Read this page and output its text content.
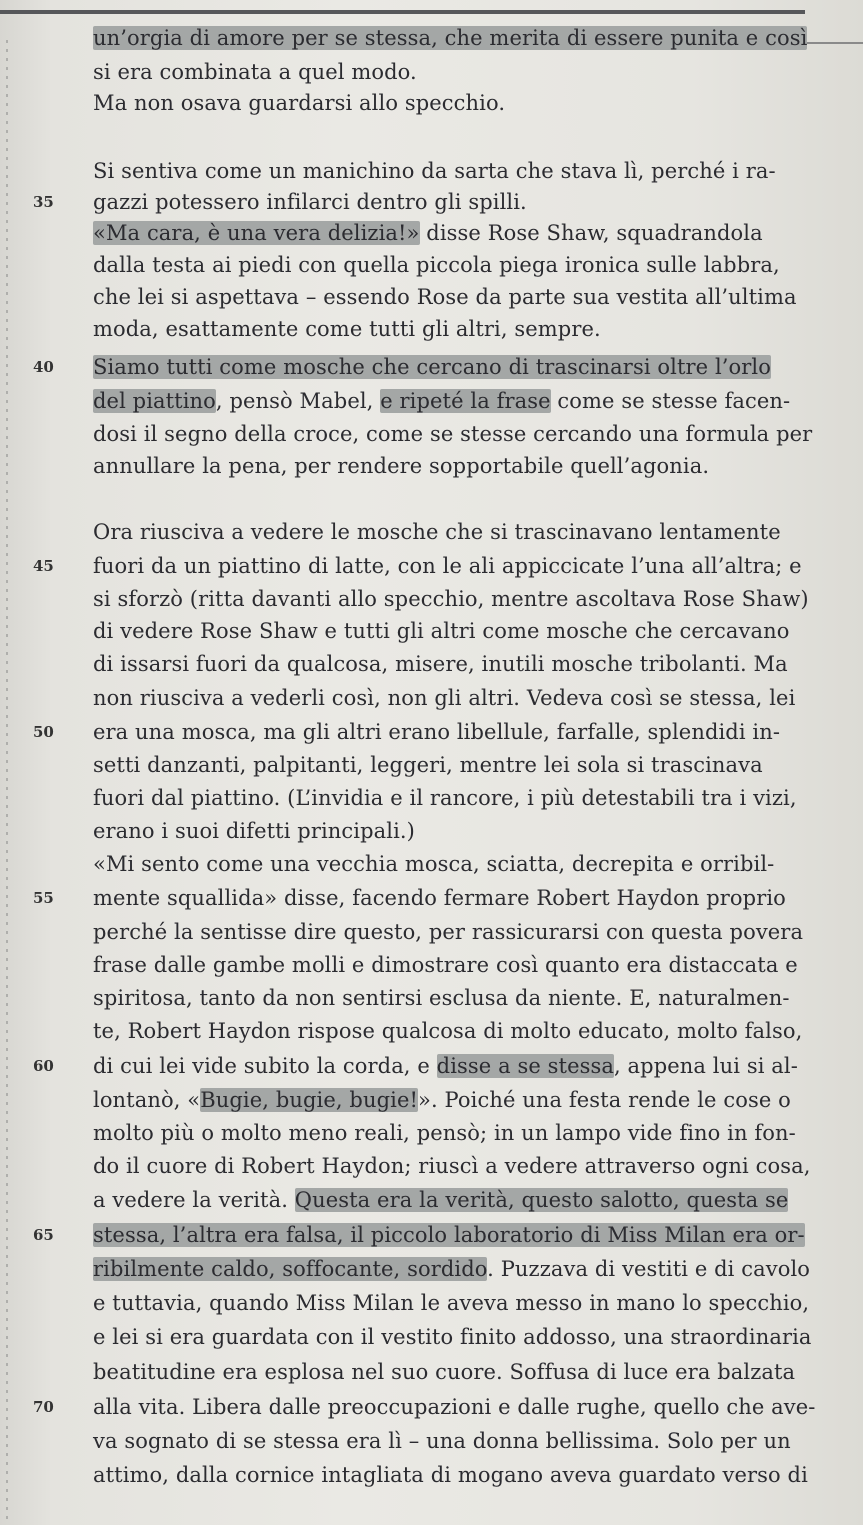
un’orgia di amore per se stessa, che merita di essere punita e così
si era combinata a quel modo.
Ma non osava guardarsi allo specchio.
Si sentiva come un manichino da sarta che stava lì, perché i ra-
gazzi potessero infilarci dentro gli spilli.
«Ma cara, è una vera delizia!» disse Rose Shaw, squadrandola
dalla testa ai piedi con quella piccola piega ironica sulle labbra,
che lei si aspettava – essendo Rose da parte sua vestita all’ultima
moda, esattamente come tutti gli altri, sempre.
Siamo tutti come mosche che cercano di trascinarsi oltre l’orlo
del piattino, pensò Mabel, e ripeté la frase come se stesse facen-
dosi il segno della croce, come se stesse cercando una formula per
annullare la pena, per rendere sopportabile quell’agonia.
Ora riusciva a vedere le mosche che si trascinavano lentamente
fuori da un piattino di latte, con le ali appiccicate l’una all’altra; e
si sforzò (ritta davanti allo specchio, mentre ascoltava Rose Shaw)
di vedere Rose Shaw e tutti gli altri come mosche che cercavano
di issarsi fuori da qualcosa, misere, inutili mosche tribolanti. Ma
non riusciva a vederli così, non gli altri. Vedeva così se stessa, lei
era una mosca, ma gli altri erano libellule, farfalle, splendidi in-
setti danzanti, palpitanti, leggeri, mentre lei sola si trascinava
fuori dal piattino. (L’invidia e il rancore, i più detestabili tra i vizi,
erano i suoi difetti principali.)
«Mi sento come una vecchia mosca, sciatta, decrepita e orribil-
mente squallida» disse, facendo fermare Robert Haydon proprio
perché la sentisse dire questo, per rassicurarsi con questa povera
frase dalle gambe molli e dimostrare così quanto era distaccata e
spiritosa, tanto da non sentirsi esclusa da niente. E, naturalmen-
te, Robert Haydon rispose qualcosa di molto educato, molto falso,
di cui lei vide subito la corda, e disse a se stessa, appena lui si al-
lontanò, «Bugie, bugie, bugie!». Poiché una festa rende le cose o
molto più o molto meno reali, pensò; in un lampo vide fino in fon-
do il cuore di Robert Haydon; riuscì a vedere attraverso ogni cosa,
a vedere la verità. Questa era la verità, questo salotto, questa se
stessa, l’altra era falsa, il piccolo laboratorio di Miss Milan era or-
ribilmente caldo, soffocante, sordido. Puzzava di vestiti e di cavolo
e tuttavia, quando Miss Milan le aveva messo in mano lo specchio,
e lei si era guardata con il vestito finito addosso, una straordinaria
beatitudine era esplosa nel suo cuore. Soffusa di luce era balzata
alla vita. Libera dalle preoccupazioni e dalle rughe, quello che ave-
va sognato di se stessa era lì – una donna bellissima. Solo per un
attimo, dalla cornice intagliata di mogano aveva guardato verso di
35
40
45
50
55
60
65
70
